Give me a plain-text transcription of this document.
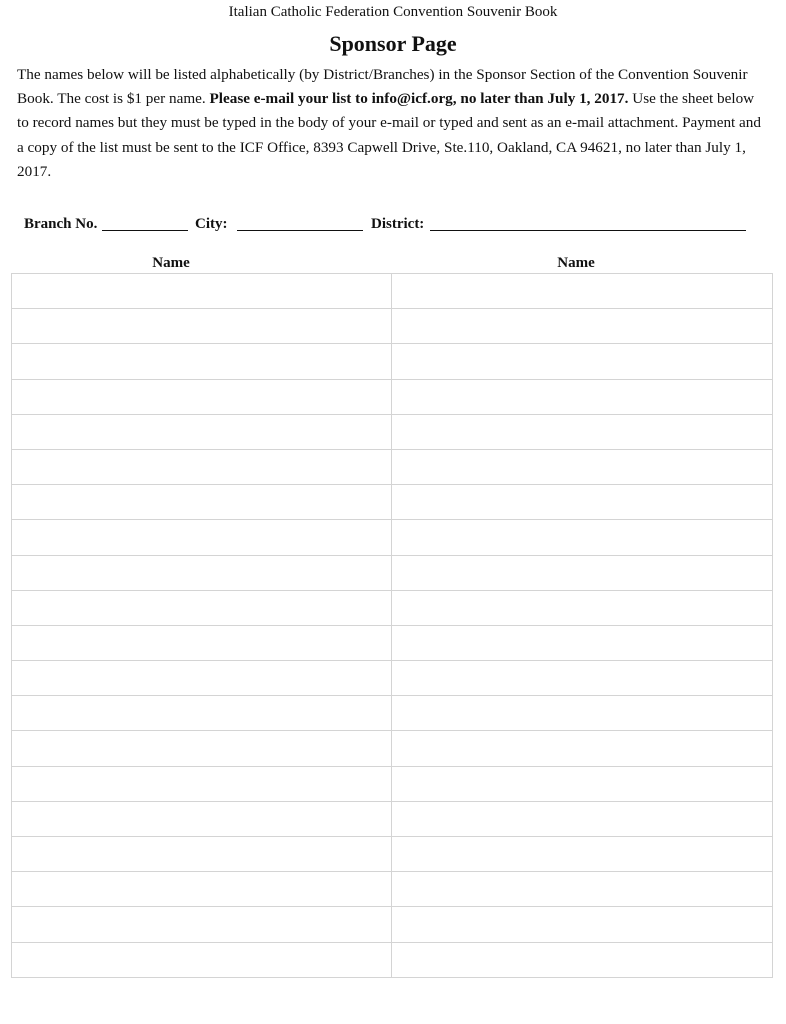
Italian Catholic Federation Convention Souvenir Book
Sponsor Page

The names below will be listed alphabetically (by District/Branches) in the Sponsor Section of the Convention Souvenir Book. The cost is $1 per name. Please e-mail your list to info@icf.org, no later than July 1, 2017. Use the sheet below to record names but they must be typed in the body of your e-mail or typed and sent as an e-mail attachment. Payment and a copy of the list must be sent to the ICF Office, 8393 Capwell Drive, Ste.110, Oakland, CA 94621, no later than July 1, 2017.

Branch No.	City:	District:
Name	Name
